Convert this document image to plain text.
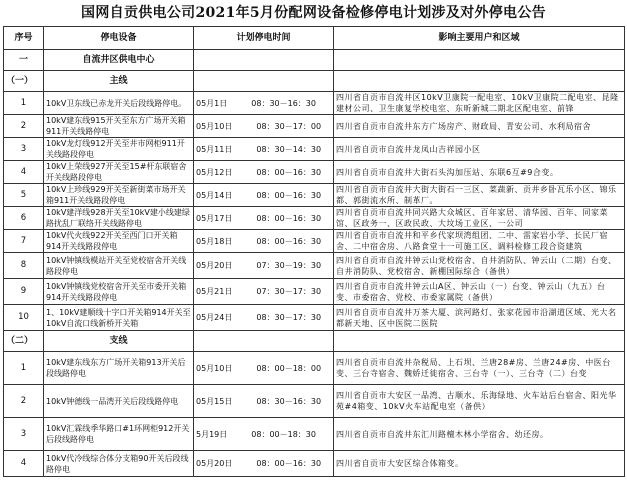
国网自贡供电公司2021年5月份配网设备检修停电计划涉及对外停电公告
序号	停电设备	计划停电时间	影响主要用户和区域
一	自流井区供电中心		
（一）	主线		
1	10kV卫东线已赤龙开关后段线路停电。	05月1日　　　08：30－16：30	四川省自贡市自流井区10kV卫康院一配电室、10kV卫康院二配电室、昆隆建材公司、卫生康复学校电室、东昕新城二期北区配电室、前锋
2	10kV建东线915开关至东方广场开关箱911开关线路停电	05月10日　　　08：30－17：00	四川省自贡市自流井东方广场房产、财政局、青安公司、水利局宿舍
3	10kV龙灯线912开关至井市网柜911开关线路段停电	05月11日　　　08：30－14：30	四川省自贡市自流井龙凤山吉祥园小区
4	10kV上荣线927开关至15#杆东联宿舍开关线路段停电	05月12日　　　08：00－16：30	四川省自贡市自流井大街石头沟加压站、东联6互#9合变。
5	10kV上珍线929开关至新街菜市场开关箱911开关线路段停电	05月14日　　　08：00－16：30	四川省自贡市自流井大街大街石一三区、菜蔬新、贡井乡卧瓦乐小区、锦乐都、郭街流水所、制革厂。
6	10kV建洋线928开关至10kV建小线建绿路扰乱厂联络开关线路停电	05月17日　　　08：00－16：30	四川省自贡市自流井同兴路大众城区、百年家居、清华园、百年、同家菜馆、区政务一、区政民政、大坟场工业区、一公司
7	10kV代火线922开关至西门口开关箱914开关线路段停电	05月18日　　　08：00－16：30	四川省自贡市自流井和平乡代家坝湾组团、二中、雷家岩小学、长民厂宿舍、二中宿舍房、八路食堂十一可施工区、调料检修工段合资建筑
8	10kV钟镇线模站开关至党校宿舍开关线路段停电	05月20日　　　07：30－19：30	四川省自贡市自流井钟云山党校宿舍、自井消防队、钟云山（二期）台变、自井消防队、党校宿舍、新棚国际综合（备供）
9	10kV钟镇线党校宿舍开关至市委开关箱914开关线路段停电	05月21日　　　07：30－17：30	四川省自贡市自流井钟云山A区、钟云山（一）台变、钟云山（九五）台变、市委宿舍、党校、市委家属院（备供）
10	1、10kV建顺线十字口开关箱914开关至10kV自流口线新桥开关箱	05月24日　　　08：30－17：30	四川省自贡市自流井万茶大厦、滨河路灯、张家花园市沿湖道区域、光大名都新天地、区中医院二医院
（二）	支线		
1	10kV建东线东方广场开关箱913开关后段线路停电	05月10日　　　08：00－18：00	四川省自贡市自流井杂税局、上石坝、兰唐28#房、兰唐24#房、中医台变、三台寺宿舍、魏娇迁徙宿舍、三台寺（一）、三台寺（二）台变
2	10kV钟德线一品湾开关后段线路停电	05月15日　　　08：30－16：30	四川省自贡市大安区一品湾、古顺水、乐海绿地、火车站后台宿舍、阳光华苑#4箱变、10kV火车站配电室（备供）
3	10kV汇霖线季华路口#1环网柜912开关后段线路停电	5月19日　　　08：00－18：30	四川省自贡市自流井东汇川路檀木林小学宿舍、幼还房。
4	10kV代冷线综合体分支箱90开关后段线路停电	05月20日　　　08：00－16：30	四川省自贡市大安区综合体箱变。
